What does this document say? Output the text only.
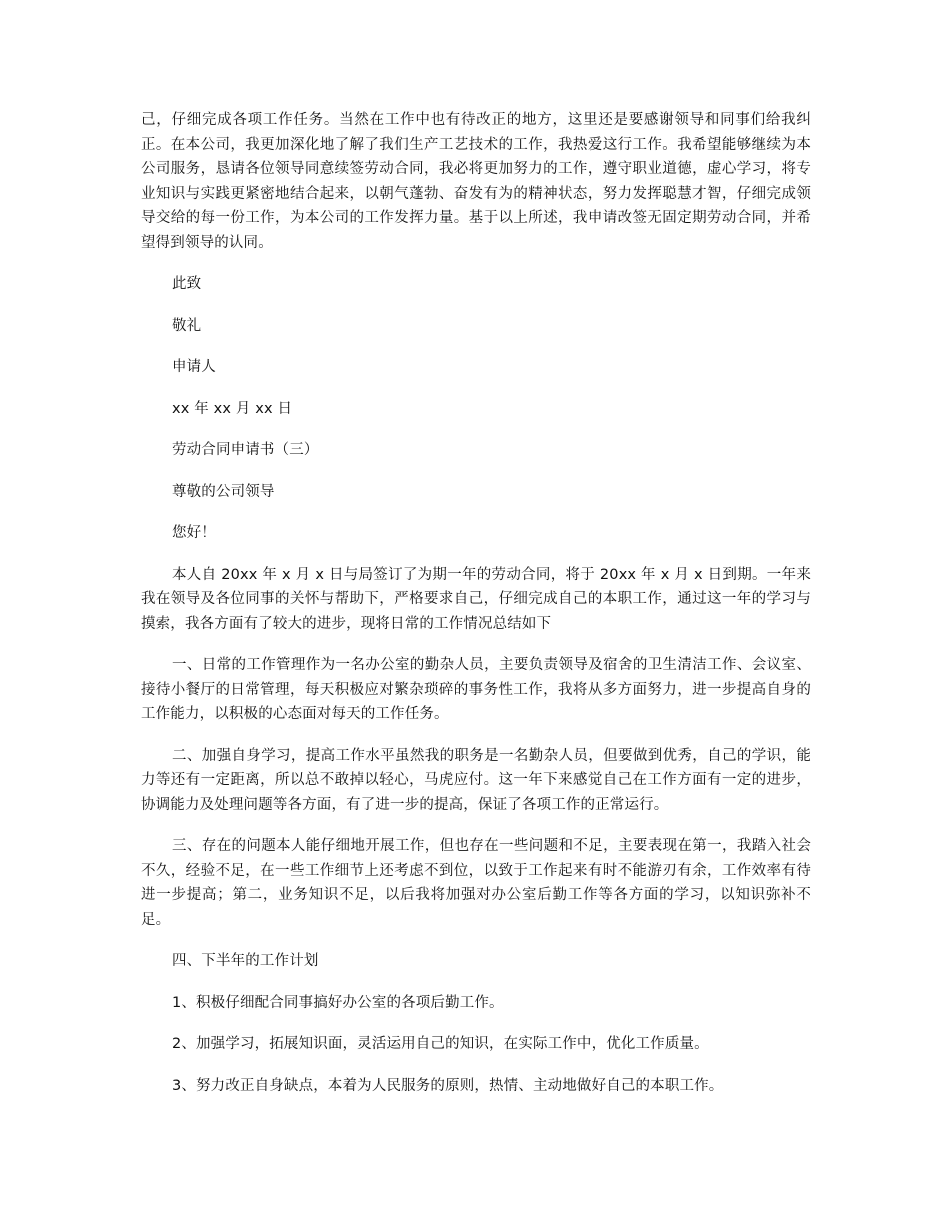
己，仔细完成各项工作任务。当然在工作中也有待改正的地方，这里还是要感谢领导和同事们给我纠正。在本公司，我更加深化地了解了我们生产工艺技术的工作，我热爱这行工作。我希望能够继续为本公司服务，恳请各位领导同意续签劳动合同，我必将更加努力的工作，遵守职业道德，虚心学习，将专业知识与实践更紧密地结合起来，以朝气蓬勃、奋发有为的精神状态，努力发挥聪慧才智，仔细完成领导交给的每一份工作，为本公司的工作发挥力量。基于以上所述，我申请改签无固定期劳动合同，并希望得到领导的认同。

此致

敬礼

申请人

xx 年 xx 月 xx 日

劳动合同申请书（三）

尊敬的公司领导

您好！

本人自 20xx 年 x 月 x 日与局签订了为期一年的劳动合同，将于 20xx 年 x 月 x 日到期。一年来我在领导及各位同事的关怀与帮助下，严格要求自己，仔细完成自己的本职工作，通过这一年的学习与摸索，我各方面有了较大的进步，现将日常的工作情况总结如下

一、日常的工作管理作为一名办公室的勤杂人员，主要负责领导及宿舍的卫生清洁工作、会议室、接待小餐厅的日常管理，每天积极应对繁杂琐碎的事务性工作，我将从多方面努力，进一步提高自身的工作能力，以积极的心态面对每天的工作任务。

二、加强自身学习，提高工作水平虽然我的职务是一名勤杂人员，但要做到优秀，自己的学识，能力等还有一定距离，所以总不敢掉以轻心，马虎应付。这一年下来感觉自己在工作方面有一定的进步，协调能力及处理问题等各方面，有了进一步的提高，保证了各项工作的正常运行。

三、存在的问题本人能仔细地开展工作，但也存在一些问题和不足，主要表现在第一，我踏入社会不久，经验不足，在一些工作细节上还考虑不到位，以致于工作起来有时不能游刃有余，工作效率有待进一步提高；第二，业务知识不足，以后我将加强对办公室后勤工作等各方面的学习，以知识弥补不足。

四、下半年的工作计划

1、积极仔细配合同事搞好办公室的各项后勤工作。

2、加强学习，拓展知识面，灵活运用自己的知识，在实际工作中，优化工作质量。

3、努力改正自身缺点，本着为人民服务的原则，热情、主动地做好自己的本职工作。
